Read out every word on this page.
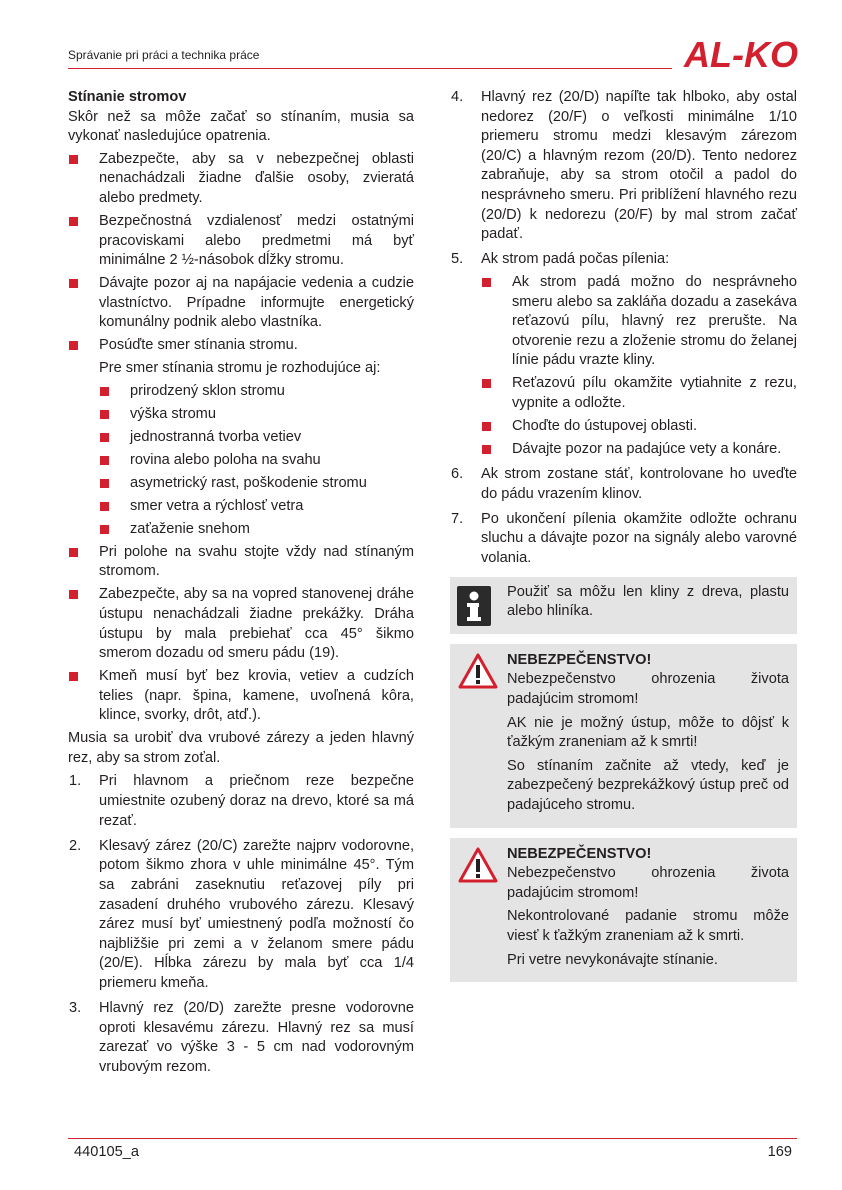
Správanie pri práci a technika práce	AL-KO

Stínanie stromov

Skôr než sa môže začať so stínaním, musia sa vykonať nasledujúce opatrenia.

Zabezpečte, aby sa v nebezpečnej oblasti nenachádzali žiadne ďalšie osoby, zvieratá alebo predmety.
Bezpečnostná vzdialenosť medzi ostatnými pracoviskami alebo predmetmi má byť minimálne 2 ½-násobok dĺžky stromu.
Dávajte pozor aj na napájacie vedenia a cudzie vlastníctvo. Prípadne informujte energetický komunálny podnik alebo vlastníka.
Posúďte smer stínania stromu.
Pre smer stínania stromu je rozhodujúce aj:
prirodzený sklon stromu
výška stromu
jednostranná tvorba vetiev
rovina alebo poloha na svahu
asymetrický rast, poškodenie stromu
smer vetra a rýchlosť vetra
zaťaženie snehom
Pri polohe na svahu stojte vždy nad stínaným stromom.
Zabezpečte, aby sa na vopred stanovenej dráhe ústupu nenachádzali žiadne prekážky. Dráha ústupu by mala prebiehať cca 45° šikmo smerom dozadu od smeru pádu (19).
Kmeň musí byť bez krovia, vetiev a cudzích telies (napr. špina, kamene, uvoľnená kôra, klince, svorky, drôt, atď.).

Musia sa urobiť dva vrubové zárezy a jeden hlavný rez, aby sa strom zoťal.

1. Pri hlavnom a priečnom reze bezpečne umiestnite ozubený doraz na drevo, ktoré sa má rezať.
2. Klesavý zárez (20/C) zarežte najprv vodorovne, potom šikmo zhora v uhle minimálne 45°. Tým sa zabráni zaseknutiu reťazovej píly pri zasadení druhého vrubového zárezu. Klesavý zárez musí byť umiestnený podľa možností čo najbližšie pri zemi a v želanom smere pádu (20/E). Hĺbka zárezu by mala byť cca 1/4 priemeru kmeňa.
3. Hlavný rez (20/D) zarežte presne vodorovne oproti klesavému zárezu. Hlavný rez sa musí zarezať vo výške 3 - 5 cm nad vodorovným vrubovým rezom.
4. Hlavný rez (20/D) napíľte tak hlboko, aby ostal nedorez (20/F) o veľkosti minimálne 1/10 priemeru stromu medzi klesavým zárezom (20/C) a hlavným rezom (20/D). Tento nedorez zabraňuje, aby sa strom otočil a padol do nesprávneho smeru. Pri priblížení hlavného rezu (20/D) k nedorezu (20/F) by mal strom začať padať.
5. Ak strom padá počas pílenia:
Ak strom padá možno do nesprávneho smeru alebo sa zakláňa dozadu a zasekáva reťazovú pílu, hlavný rez prerušte. Na otvorenie rezu a zloženie stromu do želanej línie pádu vrazte kliny.
Reťazovú pílu okamžite vytiahnite z rezu, vypnite a odložte.
Choďte do ústupovej oblasti.
Dávajte pozor na padajúce vety a konáre.
6. Ak strom zostane stáť, kontrolovane ho uveďte do pádu vrazením klinov.
7. Po ukončení pílenia okamžite odložte ochranu sluchu a dávajte pozor na signály alebo varovné volania.

Použiť sa môžu len kliny z dreva, plastu alebo hliníka.

NEBEZPEČENSTVO!

Nebezpečenstvo ohrozenia života padajúcim stromom!

AK nie je možný ústup, môže to dôjsť k ťažkým zraneniam až k smrti!

So stínaním začnite až vtedy, keď je zabezpečený bezprekážkový ústup preč od padajúceho stromu.

NEBEZPEČENSTVO!

Nebezpečenstvo ohrozenia života padajúcim stromom!

Nekontrolované padanie stromu môže viesť k ťažkým zraneniam až k smrti.

Pri vetre nevykonávajte stínanie.

440105_a	169
